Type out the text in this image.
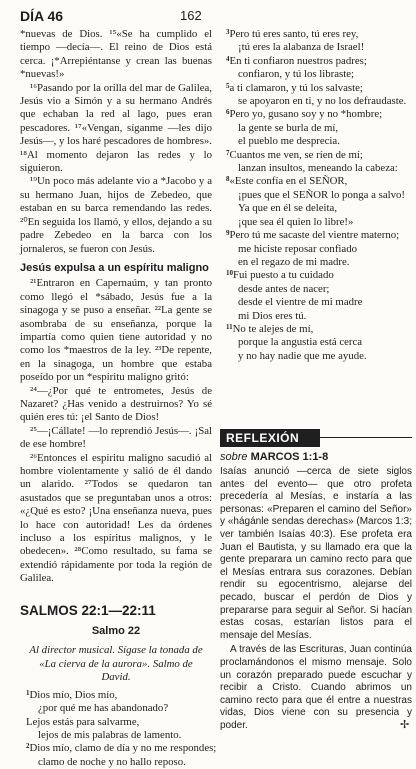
DÍA 46	162

*nuevas de Dios. ¹⁵«Se ha cumplido el tiempo —decía—. El reino de Dios está cerca. ¡*Arrepiéntanse y crean las buenas *nuevas!»

¹⁶Pasando por la orilla del mar de Galilea, Jesús vio a Simón y a su hermano Andrés que echaban la red al lago, pues eran pescadores. ¹⁷«Vengan, síganme —les dijo Jesús—, y los haré pescadores de hombres». ¹⁸Al momento dejaron las redes y lo siguieron.

¹⁹Un poco más adelante vio a *Jacobo y a su hermano Juan, hijos de Zebedeo, que estaban en su barca remendando las redes. ²⁰En seguida los llamó, y ellos, dejando a su padre Zebedeo en la barca con los jornaleros, se fueron con Jesús.

Jesús expulsa a un espíritu maligno

²¹Entraron en Capernaúm, y tan pronto como llegó el *sábado, Jesús fue a la sinagoga y se puso a enseñar. ²²La gente se asombraba de su enseñanza, porque la impartía como quien tiene autoridad y no como los *maestros de la ley. ²³De repente, en la sinagoga, un hombre que estaba poseído por un *espíritu maligno gritó:

²⁴—¿Por qué te entrometes, Jesús de Nazaret? ¿Has venido a destruirnos? Yo sé quién eres tú: ¡el Santo de Dios!

²⁵—¡Cállate! —lo reprendió Jesús—. ¡Sal de ese hombre!

²⁶Entonces el espíritu maligno sacudió al hombre violentamente y salió de él dando un alarido. ²⁷Todos se quedaron tan asustados que se preguntaban unos a otros: «¿Qué es esto? ¡Una enseñanza nueva, pues lo hace con autoridad! Les da órdenes incluso a los espíritus malignos, y le obedecen». ²⁸Como resultado, su fama se extendió rápidamente por toda la región de Galilea.

SALMOS 22:1—22:11
Salmo 22
Al director musical. Sígase la tonada de «La cierva de la aurora». Salmo de David.
$^1$Dios mío, Dios mío,
¿por qué me has abandonado?
Lejos estás para salvarme,
lejos de mis palabras de lamento.
$^2$Dios mío, clamo de día y no me respondes;
clamo de noche y no hallo reposo.
$^3$Pero tú eres santo, tú eres rey,
¡tú eres la alabanza de Israel!
$^4$En ti confiaron nuestros padres;
confiaron, y tú los libraste;
$^5$a ti clamaron, y tú los salvaste;
se apoyaron en ti, y no los defraudaste.
$^6$Pero yo, gusano soy y no *hombre;
la gente se burla de mí,
el pueblo me desprecia.
$^7$Cuantos me ven, se ríen de mí;
lanzan insultos, meneando la cabeza:
$^8$«Este confía en el SEÑOR,
¡pues que el SEÑOR lo ponga a salvo!
Ya que en él se deleita,
¡que sea él quien lo libre!»
$^9$Pero tú me sacaste del vientre materno;
me hiciste reposar confiado
en el regazo de mi madre.
$^{10}$Fui puesto a tu cuidado
desde antes de nacer;
desde el vientre de mi madre
mi Dios eres tú.
$^{11}$No te alejes de mí,
porque la angustia está cerca
y no hay nadie que me ayude.
REFLEXIÓN
sobre MARCOS 1:1-8

Isaías anunció —cerca de siete siglos antes del evento— que otro profeta precedería al Mesías, e instaría a las personas: «Preparen el camino del Señor» y «hágánle sendas derechas» (Marcos 1:3; ver también Isaías 40:3). Ese profeta era Juan el Bautista, y su llamado era que la gente preparara un camino recto para que el Mesías entrara sus corazones. Debían rendir su egocentrismo, alejarse del pecado, buscar el perdón de Dios y prepararse para seguir al Señor. Si hacían estas cosas, estarían listos para el mensaje del Mesías.

A través de las Escrituras, Juan continúa proclamándonos el mismo mensaje. Solo un corazón preparado puede escuchar y recibir a Cristo. Cuando abrimos un camino recto para que él entre a nuestras vidas, Dios viene con su presencia y poder.	✢
